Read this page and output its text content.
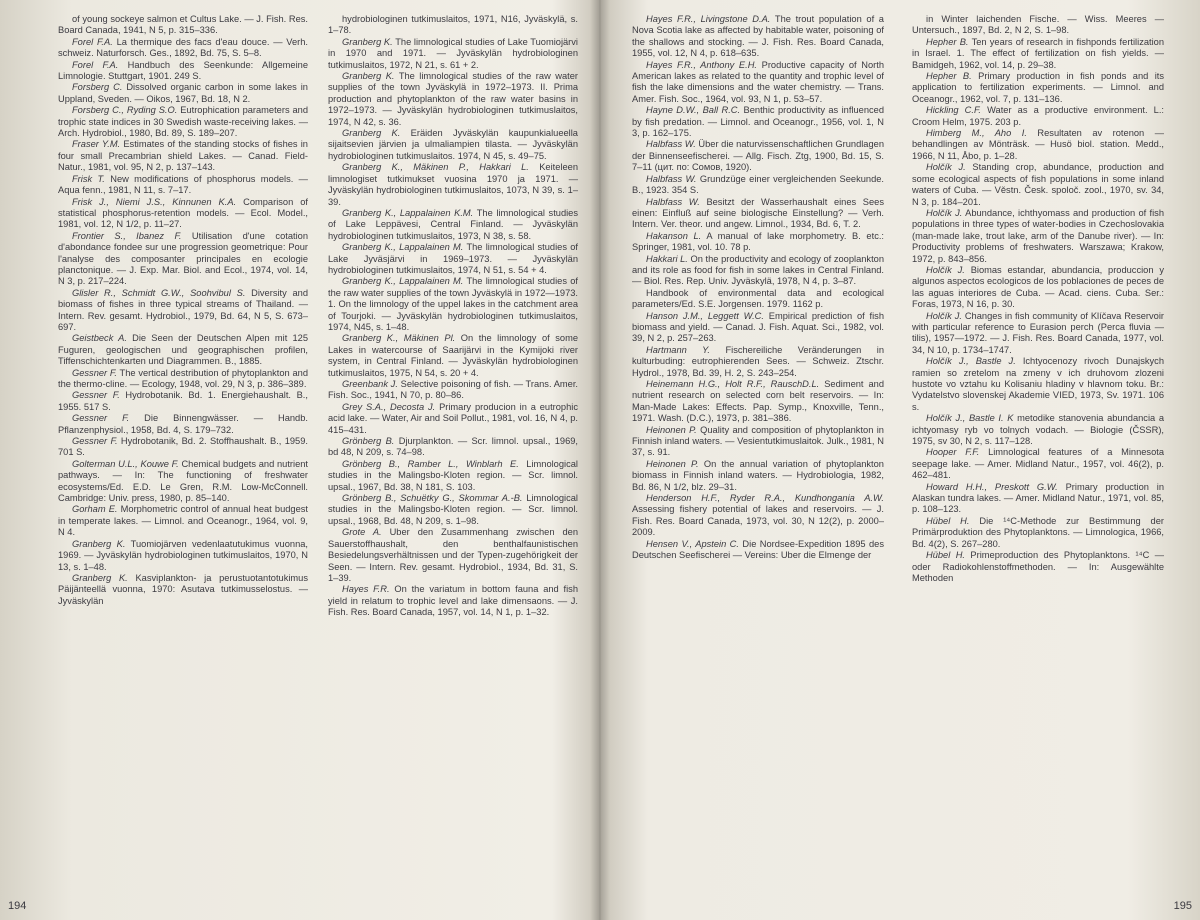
of young sockeye salmon et Cultus Lake. — J. Fish. Res. Board Canada, 1941, N 5, p. 315–336.

Forel F.A. La thermique des facs d'eau douce. — Verh. schweiz. Naturforsch. Ges., 1892, Bd. 75, S. 5–8.

Forel F.A. Handbuch des Seenkunde: Allgemeine Limnologie. Stuttgart, 1901. 249 S.

Forsberg C. Dissolved organic carbon in some lakes in Uppland, Sveden. — Oikos, 1967, Bd. 18, N 2.

Forsberg C., Ryding S.O. Eutrophication parameters and trophic state indices in 30 Swedish waste-receiving lakes. — Arch. Hydrobiol., 1980, Bd. 89, S. 189–207.

Fraser Y.M. Estimates of the standing stocks of fishes in four small Precambrian shield Lakes. — Canad. Field-Natur., 1981, vol. 95, N 2, p. 137–143.

Frisk T. New modifications of phosphorus models. — Aqua fenn., 1981, N 11, s. 7–17.

Frisk J., Niemi J.S., Kinnunen K.A. Comparison of statistical phosphorus-retention models. — Ecol. Model., 1981, vol. 12, N 1/2, p. 11–27.

Frontier S., Ibanez F. Utilisation d'une cotation d'abondance fondee sur une progression geometrique: Pour l'analyse des composanter principales en ecologie planctonique. — J. Exp. Mar. Biol. and Ecol., 1974, vol. 14, N 3, p. 217–224.

Glisler R., Schmidt G.W., Soohvibul S. Diversity and biomass of fishes in three typical streams of Thailand. — Intern. Rev. gesamt. Hydrobiol., 1979, Bd. 64, N 5, S. 673–697.

Geistbeck A. Die Seen der Deutschen Alpen mit 125 Fuguren, geologischen und geographischen profilen, Tiffenschichtenkarten und Diagrammen. B., 1885.

Gessner F. The vertical destribution of phytoplankton and the thermo-cline. — Ecology, 1948, vol. 29, N 3, p. 386–389.

Gessner F. Hydrobotanik. Bd. 1. Energiehaushalt. B., 1955. 517 S.

Gessner F. Die Binnengwässer. — Handb. Pflanzenphysiol., 1958, Bd. 4, S. 179–732.

Gessner F. Hydrobotanik, Bd. 2. Stoffhaushalt. B., 1959. 701 S.

Golterman U.L., Kouwe F. Chemical budgets and nutrient pathways. — In: The functioning of freshwater ecosystems/Ed. E.D. Le Gren, R.M. Low-McConnell. Cambridge: Univ. press, 1980, p. 85–140.

Gorham E. Morphometric control of annual heat budgest in temperate lakes. — Limnol. and Oceanogr., 1964, vol. 9, N 4.

Granberg K. Tuomiojärven vedenlaatutukimus vuonna, 1969. — Jyväskylän hydrobiologinen tutkimuslaitos, 1970, N 13, s. 1–48.

Granberg K. Kasviplankton- ja perustuotantotukimus Päijänteellä vuonna, 1970: Asutava tutkimusselostus. — Jyväskylän

hydrobiologinen tutkimuslaitos, 1971, N16, Jyväskylä, s. 1–78.

Granberg K. The limnological studies of Lake Tuomiojärvi in 1970 and 1971. — Jyväskylän hydrobiologinen tutkimuslaitos, 1972, N 21, s. 61 + 2.

Granberg K. The limnological studies of the raw water supplies of the town Jyväskylä in 1972–1973. II. Prima production and phytoplankton of the raw water basins in 1972–1973. — Jyväskylän hydrobiologinen tutkimuslaitos, 1974, N 42, s. 36.

Granberg K. Eräiden Jyväskylän kaupunkialueella sijaitsevien järvien ja ulmaliampien tilasta. — Jyväskylän hydrobiologinen tutkimuslaitos. 1974, N 45, s. 49–75.

Granberg K., Mäkinen P., Hakkari L. Keiteleen limnologiset tutkimukset vuosina 1970 ja 1971. — Jyväskylän hydrobiologinen tutkimuslaitos, 1073, N 39, s. 1–39.

Granberg K., Lappalainen K.M. The limnological studies of Lake Leppävesi, Central Finland. — Jyväskylän hydrobiologinen tutkimuslaitos, 1973, N 38, s. 58.

Granberg K., Lappalainen M. The limnological studies of Lake Jyväsjärvi in 1969–1973. — Jyväskylän hydrobiologinen tutkimuslaitos, 1974, N 51, s. 54 + 4.

Granberg K., Lappalainen M. The limnological studies of the raw water supplies of the town Jyväskylä in 1972—1973. 1. On the limnology of the uppel lakes in the catchment area of Tourjoki. — Jyväskylän hydrobiologinen tutkimuslaitos, 1974, N45, s. 1–48.

Granberg K., Mäkinen Pl. On the limnology of some Lakes in watercourse of Saarijärvi in the Kymijoki river system, in Central Finland. — Jyväskylän hydrobiologinen tutkimuslaitos, 1975, N 54, s. 20 + 4.

Greenbank J. Selective poisoning of fish. — Trans. Amer. Fish. Soc., 1941, N 70, p. 80–86.

Grey S.A., Decosta J. Primary producion in a eutrophic acid lake. — Water, Air and Soil Pollut., 1981, vol. 16, N 4, p. 415–431.

Grönberg B. Djurplankton. — Scr. limnol. upsal., 1969, bd 48, N 209, s. 74–98.

Grönberg B., Ramber L., Winblarh E. Limnological studies in the Malingsbo-Kloten region. — Scr. limnol. upsal., 1967, Bd. 38, N 181, S. 103.

Grönberg B., Schuëtky G., Skommar A.-B. Limnological studies in the Malingsbo-Kloten region. — Scr. limnol. upsal., 1968, Bd. 48, N 209, s. 1–98.

Grote A. Uber den Zusammenhang zwischen den Sauerstoffhaushalt, den benthalfaunistischen Besiedelungsverhältnissen und der Typen-zugehörigkeit der Seen. — Intern. Rev. gesamt. Hydrobiol., 1934, Bd. 31, S. 1–39.

Hayes F.R. On the variatum in bottom fauna and fish yield in relatum to trophic level and lake dimensaons. — J. Fish. Res. Board Canada, 1957, vol. 14, N 1, p. 1–32.

194

Hayes F.R., Livingstone D.A. The trout population of a Nova Scotia lake as affected by habitable water, poisoning of the shallows and stocking. — J. Fish. Res. Board Canada, 1955, vol. 12, N 4, p. 618–635.

Hayes F.R., Anthony E.H. Productive capacity of North American lakes as related to the quantity and trophic level of fish the lake dimensions and the water chemistry. — Trans. Amer. Fish. Soc., 1964, vol. 93, N 1, p. 53–57.

Hayne D.W., Ball R.C. Benthic productivity as influenced by fish predation. — Limnol. and Oceanogr., 1956, vol. 1, N 3, p. 162–175.

Halbfass W. Über die naturvissenschaftlichen Grundlagen der Binnenseefischerei. — Allg. Fisch. Ztg, 1900, Bd. 15, S. 7–11 (цит. по: Сомов, 1920).

Halbfass W. Grundzüge einer vergleichenden Seekunde. B., 1923. 354 S.

Halbfass W. Besitzt der Wasserhaushalt eines Sees einen: Einfluß auf seine biologische Einstellung? — Verh. Intern. Ver. theor. und angew. Limnol., 1934, Bd. 6, T. 2.

Hakanson L. A manual of lake morphometry. B. etc.: Springer, 1981, vol. 10. 78 p.

Hakkari L. On the productivity and ecology of zooplankton and its role as food for fish in some lakes in Central Finland. — Biol. Res. Rep. Univ. Jyväskylä, 1978, N 4, p. 3–87.

Handbook of environmental data and ecological parameters/Ed. S.E. Jorgensen. 1979. 1162 p.

Hanson J.M., Leggett W.C. Empirical prediction of fish biomass and yield. — Canad. J. Fish. Aquat. Sci., 1982, vol. 39, N 2, p. 257–263.

Hartmann Y. Fischereiliche Veränderungen in kulturbuding: eutrophierenden Sees. — Schweiz. Ztschr. Hydrol., 1978, Bd. 39, H. 2, S. 243–254.

Heinemann H.G., Holt R.F., RauschD.L. Sediment and nutrient research on selected corn belt reservoirs. — In: Man-Made Lakes: Effects. Pap. Symp., Knoxville, Tenn., 1971. Wash. (D.C.), 1973, p. 381–386.

Heinonen P. Quality and composition of phytoplankton in Finnish inland waters. — Vesientutkimuslaitok. Julk., 1981, N 37, s. 91.

Heinonen P. On the annual variation of phytoplankton biomass in Finnish inland waters. — Hydrobiologia, 1982, Bd. 86, N 1/2, blz. 29–31.

Henderson H.F., Ryder R.A., Kundhongania A.W. Assessing fishery potential of lakes and reservoirs. — J. Fish. Res. Board Canada, 1973, vol. 30, N 12(2), p. 2000–2009.

Hensen V., Apstein C. Die Nordsee-Expedition 1895 des Deutschen Seefischerei — Vereins: Uber die Elmenge der

in Winter laichenden Fische. — Wiss. Meeres — Untersuch., 1897, Bd. 2, N 2, S. 1–98.

Hepher B. Ten years of research in fishponds fertilization in Israel. 1. The effect of fertilization on fish yields. — Bamidgeh, 1962, vol. 14, p. 29–38.

Hepher B. Primary production in fish ponds and its application to fertilization experiments. — Limnol. and Oceanogr., 1962, vol. 7, p. 131–136.

Hickling C.F. Water as a productive environment. L.: Croom Helm, 1975. 203 p.

Himberg M., Aho I. Resultaten av rotenon — behandlingen av Mönträsk. — Husö biol. station. Medd., 1966, N 11, Åbo, p. 1–28.

Holčík J. Standing crop, abundance, production and some ecological aspects of fish populations in some inland waters of Cuba. — Věstn. Česk. spoloč. zool., 1970, sv. 34, N 3, p. 184–201.

Holčík J. Abundance, ichthyomass and production of fish populations in three types of water-bodies in Czechoslovakia (man-made lake, trout lake, arm of the Danube river). — In: Productivity problems of freshwaters. Warszawa; Krakow, 1972, p. 843–856.

Holčík J. Biomas estandar, abundancia, produccion y algunos aspectos ecologicos de los poblaciones de peces de las aguas interiores de Cuba. — Acad. ciens. Cuba. Ser.: Foras, 1973, N 16, p. 30.

Holčík J. Changes in fish community of Klíčava Reservoir with particular reference to Eurasion perch (Perca fluvia — tilis), 1957—1972. — J. Fish. Res. Board Canada, 1977, vol. 34, N 10, p. 1734–1747.

Holčík J., Bastle J. Ichtyocenozy rivoch Dunajskych ramien so zretelom na zmeny v ich druhovom zlozeni hustote vo vztahu ku Kolisaniu hladiny v hlavnom toku. Br.: Vydatelstvo slovenskej Akademie VIED, 1973, Sv. 1971. 106 s.

Holčík J., Bastle I. K metodike stanovenia abundancia a ichtyomasy ryb vo tolnych vodach. — Biologie (ČSSR), 1975, sv 30, N 2, s. 117–128.

Hooper F.F. Limnological features of a Minnesota seepage lake. — Amer. Midland Natur., 1957, vol. 46(2), p. 462–481.

Howard H.H., Preskott G.W. Primary production in Alaskan tundra lakes. — Amer. Midland Natur., 1971, vol. 85, p. 108–123.

Hübel H. Die ¹⁴C-Methode zur Bestimmung der Primärproduktion des Phytoplanktons. — Limnologica, 1966, Bd. 4(2), S. 267–280.

Hübel H. Primeproduction des Phytoplanktons. ¹⁴C — oder Radiokohlenstoffmethoden. — In: Ausgewählte Methoden

195
